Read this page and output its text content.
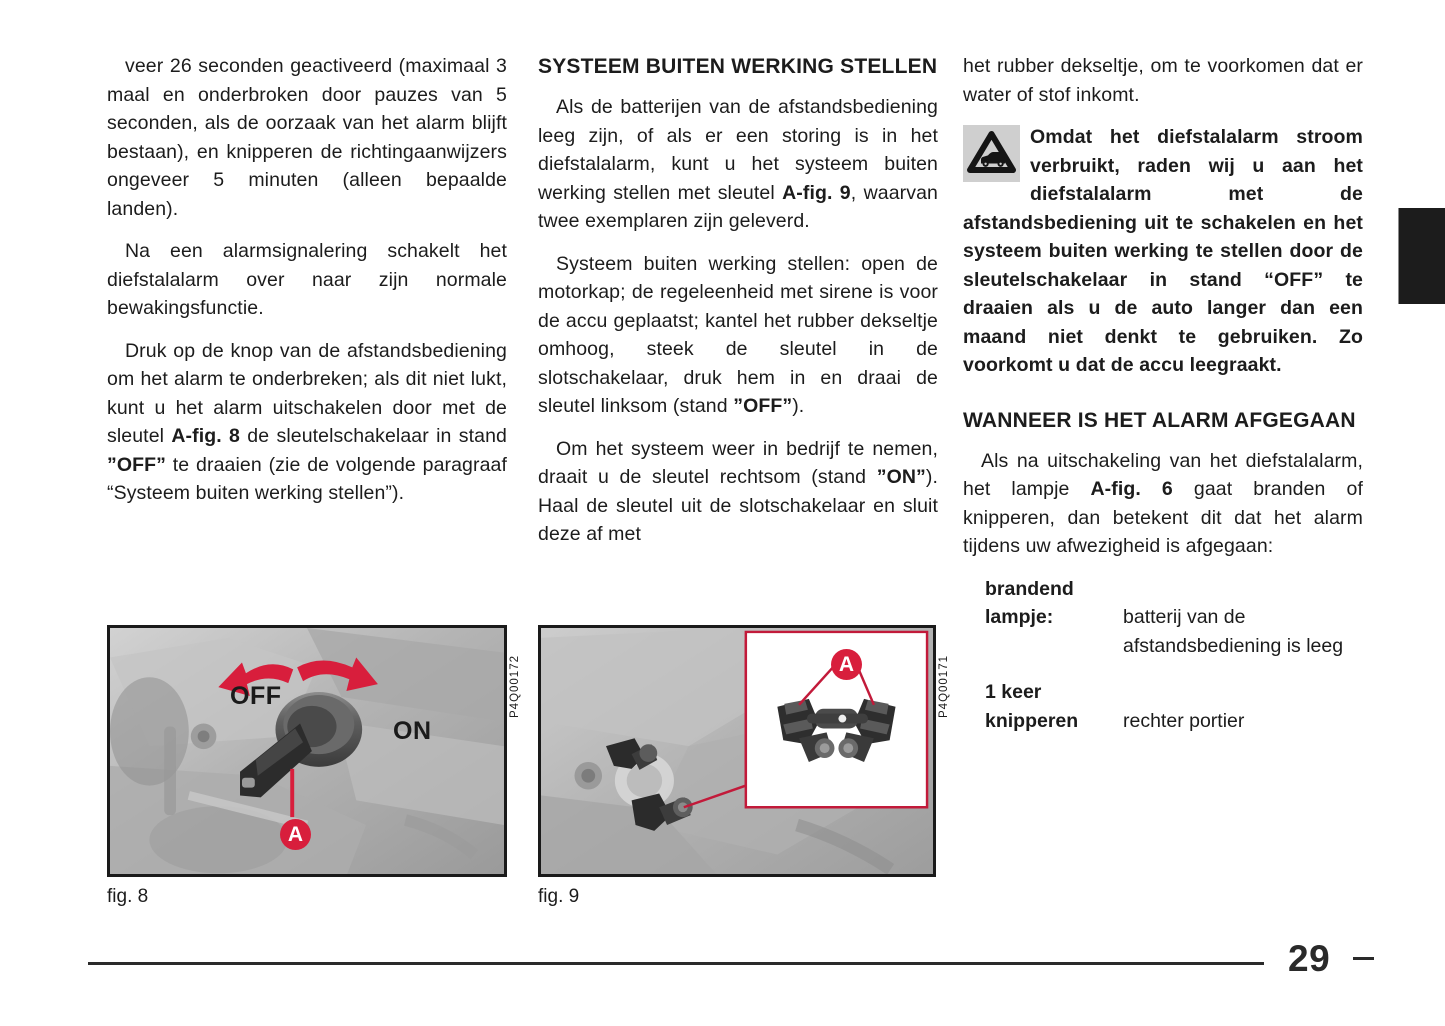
veer 26 seconden geactiveerd (maximaal 3 maal en onderbroken door pauzes van 5 seconden, als de oorzaak van het alarm blijft bestaan), en knipperen de richtingaanwijzers ongeveer 5 minuten (alleen bepaalde landen).

Na een alarmsignalering schakelt het diefstalalarm over naar zijn normale bewakingsfunctie.

Druk op de knop van de afstandsbediening om het alarm te onderbreken; als dit niet lukt, kunt u het alarm uitschakelen door met de sleutel A-fig. 8 de sleutelschakelaar in stand ”OFF” te draaien (zie de volgende paragraaf “Systeem buiten werking stellen”).

SYSTEEM BUITEN WERKING STELLEN

Als de batterijen van de afstandsbediening leeg zijn, of als er een storing is in het diefstalalarm, kunt u het systeem buiten werking stellen met sleutel A-fig. 9, waarvan twee exemplaren zijn geleverd.

Systeem buiten werking stellen: open de motorkap; de regeleenheid met sirene is voor de accu geplaatst; kantel het rubber dekseltje omhoog, steek de sleutel in de slotschakelaar, druk hem in en draai de sleutel linksom (stand ”OFF”).

Om het systeem weer in bedrijf te nemen, draait u de sleutel rechtsom (stand ”ON”). Haal de sleutel uit de slotschakelaar en sluit deze af met

het rubber dekseltje, om te voorkomen dat er water of stof inkomt.

Omdat het diefstalalarm stroom verbruikt, raden wij u aan het diefstalalarm met de afstandsbediening uit te schakelen en het systeem buiten werking te stellen door de sleutelschakelaar in stand “OFF” te draaien als u de auto langer dan een maand niet denkt te gebruiken. Zo voorkomt u dat de accu leegraakt.
WANNEER IS HET ALARM AFGEGAAN

Als na uitschakeling van het diefstalalarm, het lampje A-fig. 6 gaat branden of knipperen, dan betekent dit dat het alarm tijdens uw afwezigheid is afgegaan:

brandend
lampje:	batterij van de afstandsbediening is leeg
1 keer
knipperen	rechter portier
OFF
ON
A
fig. 8
P4Q00172	A
fig. 9
P4Q00171
29
